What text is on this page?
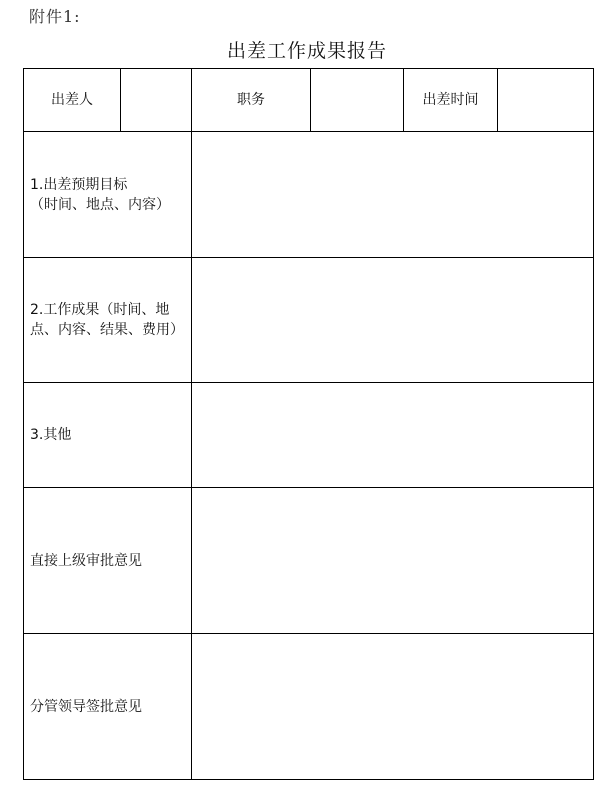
附件1:
出差工作成果报告
出差人		职务		出差时间	

1.出差预期目标
（时间、地点、内容）					

2.工作成果（时间、地
点、内容、结果、费用）					

3.其他					

直接上级审批意见					

分管领导签批意见					
